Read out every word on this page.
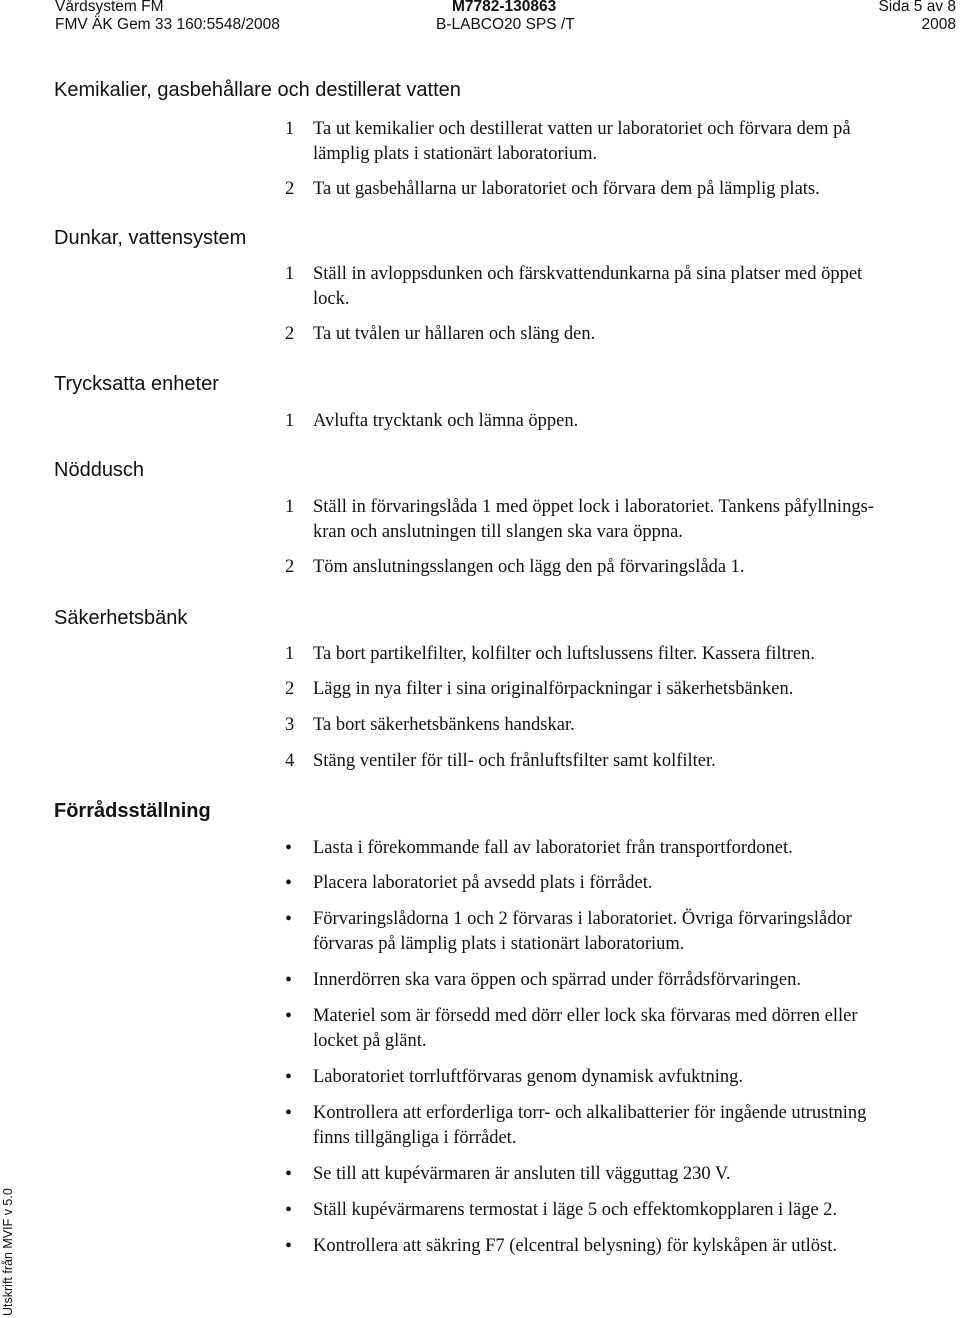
Vårdsystem FM
FMV ÄK Gem 33 160:5548/2008
M7782-130863
B-LABCO20 SPS /T
Sida 5 av 8
2008
Kemikalier, gasbehållare och destillerat vatten
1 Ta ut kemikalier och destillerat vatten ur laboratoriet och förvara dem på
lämplig plats i stationärt laboratorium.
2 Ta ut gasbehållarna ur laboratoriet och förvara dem på lämplig plats.
Dunkar, vattensystem
1 Ställ in avloppsdunken och färskvattendunkarna på sina platser med öppet
lock.
2 Ta ut tvålen ur hållaren och släng den.
Trycksatta enheter
1 Avlufta trycktank och lämna öppen.
Nöddusch
1 Ställ in förvaringslåda 1 med öppet lock i laboratoriet. Tankens påfyllnings-
kran och anslutningen till slangen ska vara öppna.
2 Töm anslutningsslangen och lägg den på förvaringslåda 1.
Säkerhetsbänk
1 Ta bort partikelfilter, kolfilter och luftslussens filter. Kassera filtren.
2 Lägg in nya filter i sina originalförpackningar i säkerhetsbänken.
3 Ta bort säkerhetsbänkens handskar.
4 Stäng ventiler för till- och frånluftsfilter samt kolfilter.
Förrådsställning
• Lasta i förekommande fall av laboratoriet från transportfordonet.
• Placera laboratoriet på avsedd plats i förrådet.
• Förvaringslådorna 1 och 2 förvaras i laboratoriet. Övriga förvaringslådor
förvaras på lämplig plats i stationärt laboratorium.
• Innerdörren ska vara öppen och spärrad under förrådsförvaringen.
• Materiel som är försedd med dörr eller lock ska förvaras med dörren eller
locket på glänt.
• Laboratoriet torrluftförvaras genom dynamisk avfuktning.
• Kontrollera att erforderliga torr- och alkalibatterier för ingående utrustning
finns tillgängliga i förrådet.
• Se till att kupévärmaren är ansluten till vägguttag 230 V.
• Ställ kupévärmarens termostat i läge 5 och effektomkopplaren i läge 2.
• Kontrollera att säkring F7 (elcentral belysning) för kylskåpen är utlöst.
Utskrift från MVIF v 5.0
